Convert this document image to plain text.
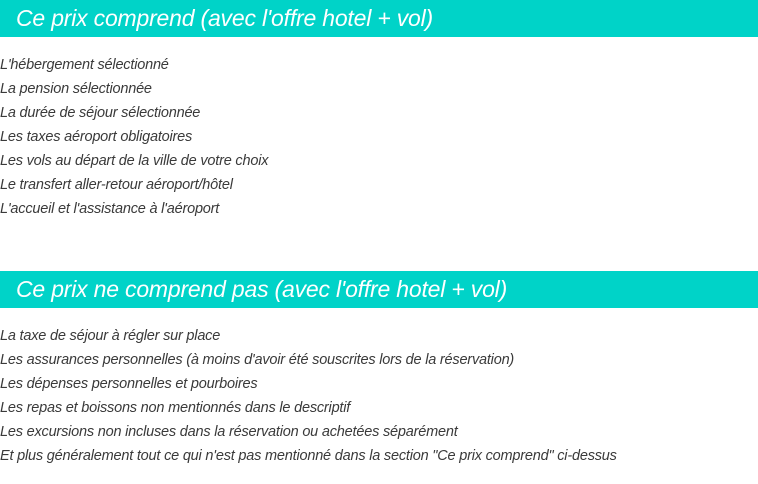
Ce prix comprend (avec l'offre hotel + vol)
L'hébergement sélectionné
La pension sélectionnée
La durée de séjour sélectionnée
Les taxes aéroport obligatoires
Les vols au départ de la ville de votre choix
Le transfert aller-retour aéroport/hôtel
L'accueil et l'assistance à l'aéroport
Ce prix ne comprend pas (avec l'offre hotel + vol)
La taxe de séjour à régler sur place
Les assurances personnelles (à moins d'avoir été souscrites lors de la réservation)
Les dépenses personnelles et pourboires
Les repas et boissons non mentionnés dans le descriptif
Les excursions non incluses dans la réservation ou achetées séparément
Et plus généralement tout ce qui n'est pas mentionné dans la section "Ce prix comprend" ci-dessus
